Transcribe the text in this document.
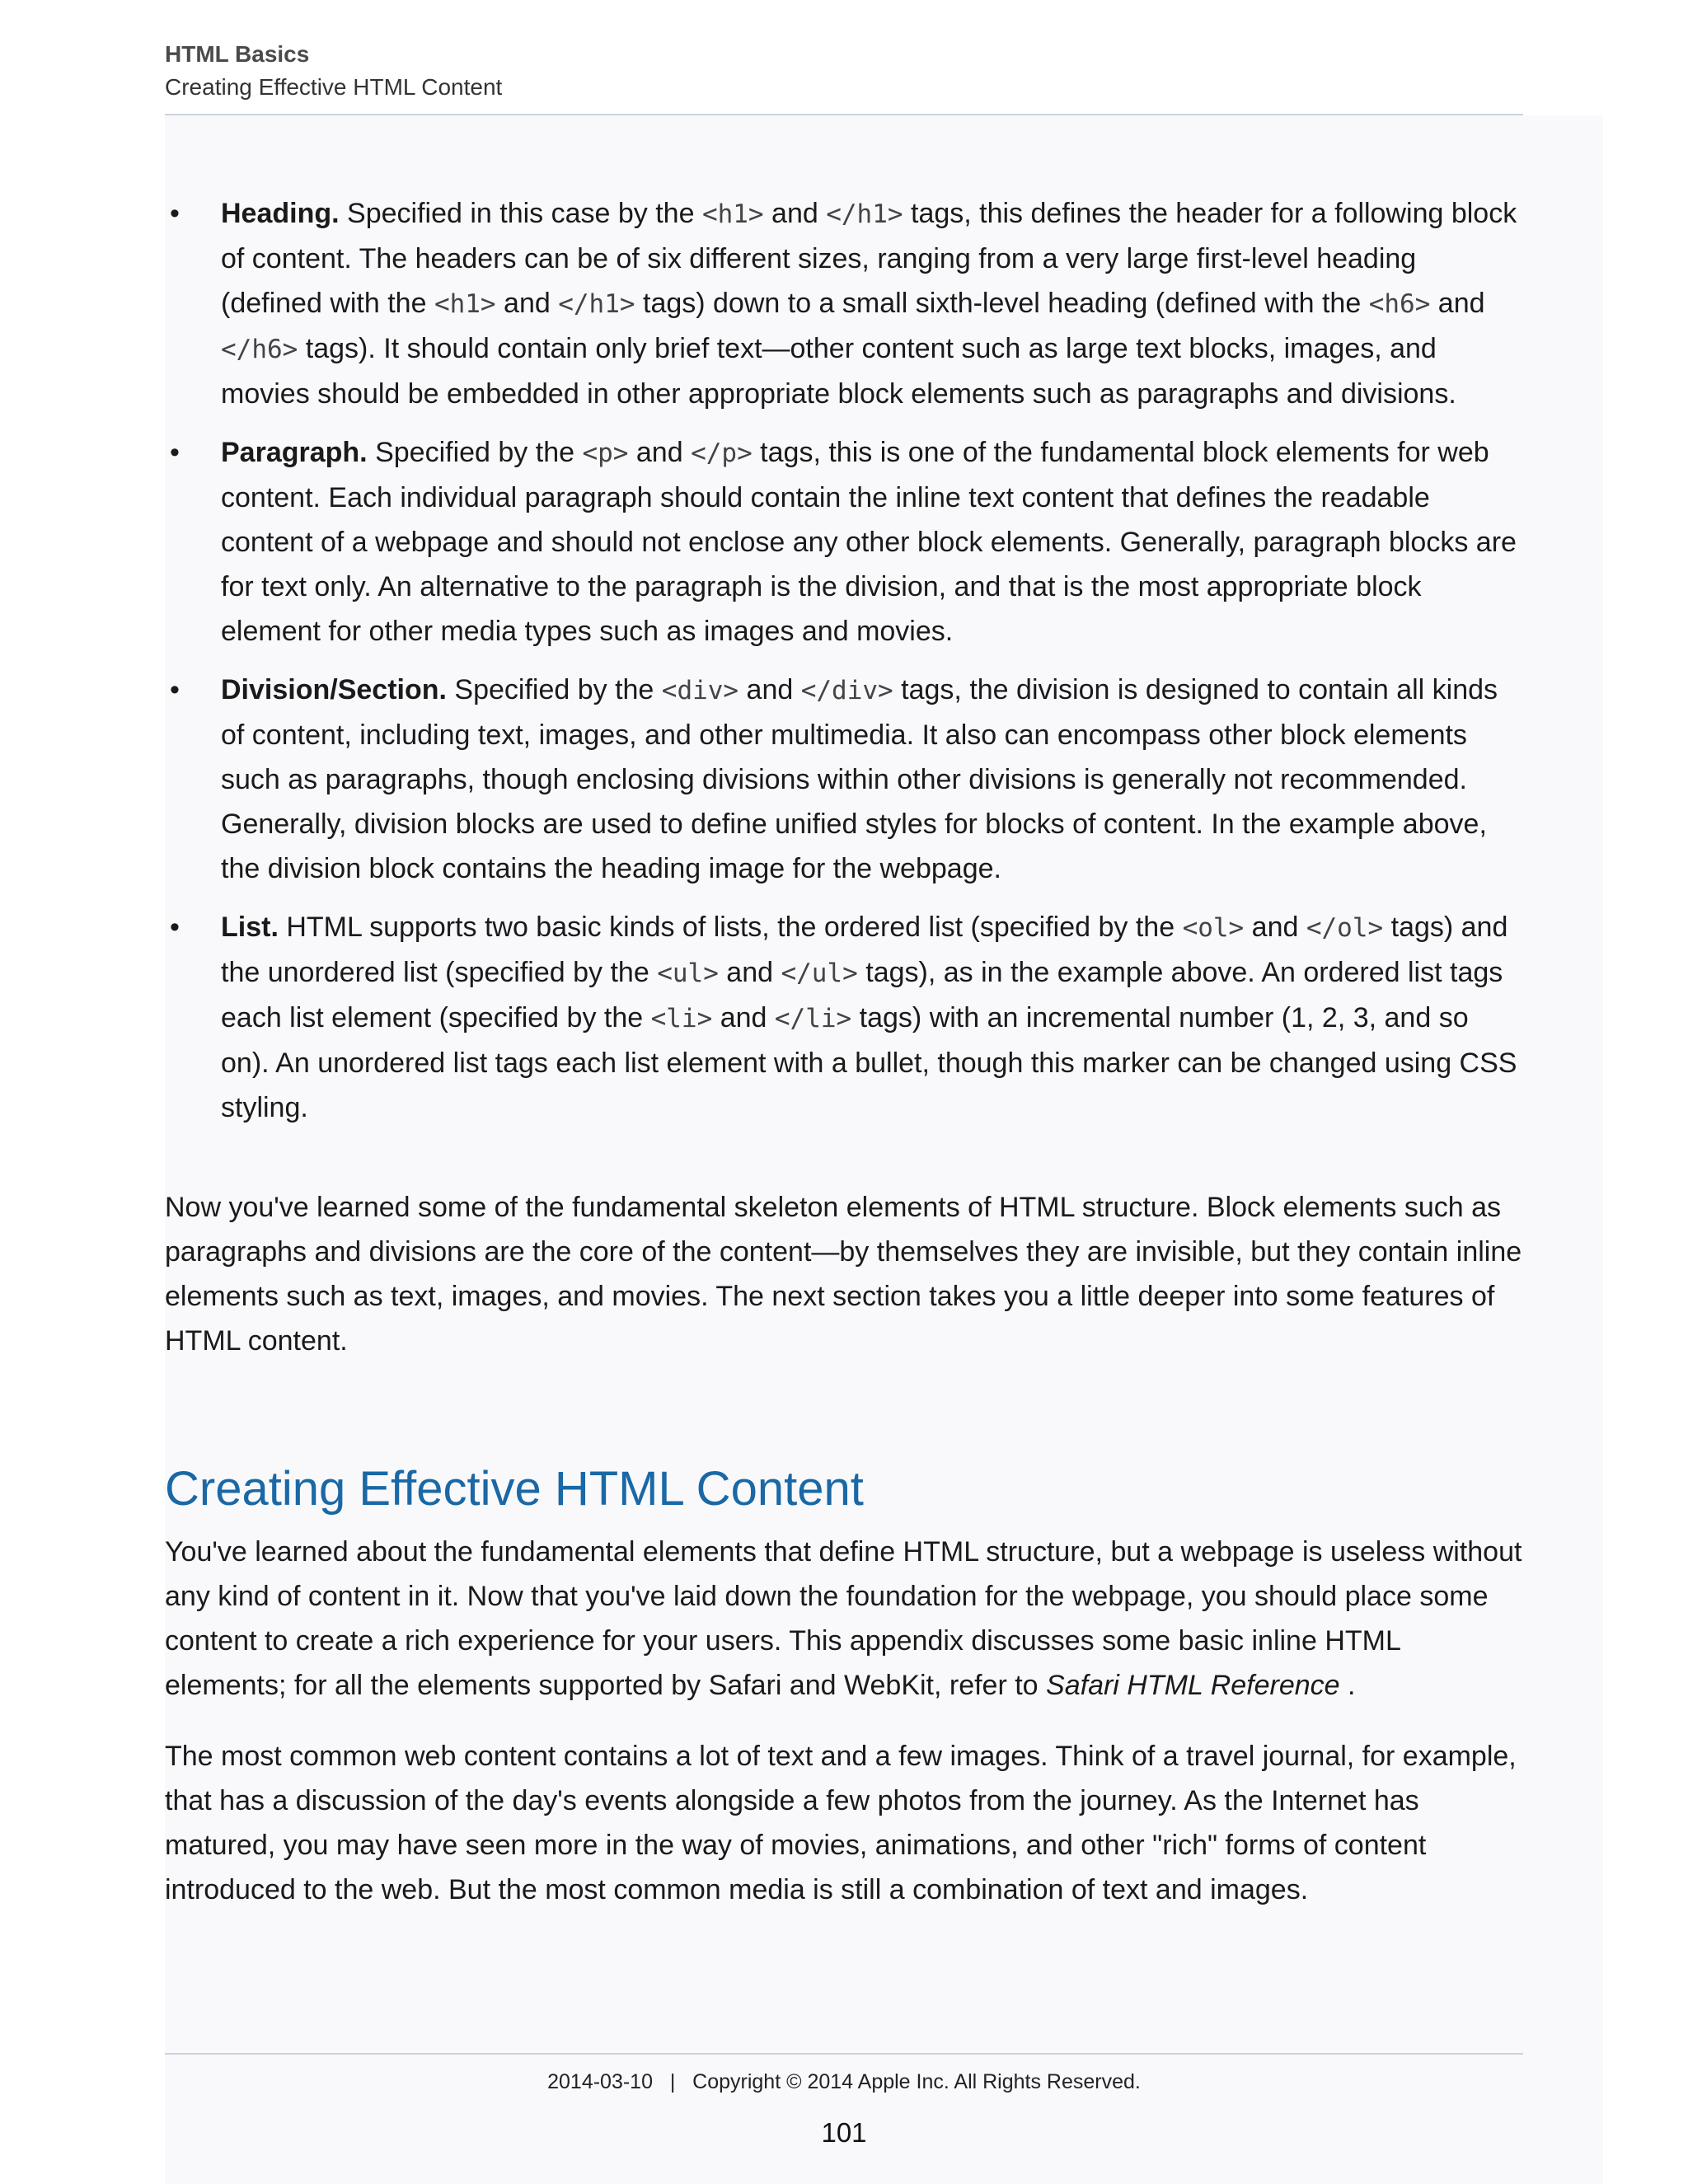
HTML Basics
Creating Effective HTML Content
• Heading. Specified in this case by the <h1> and </h1> tags, this defines the header for a following block of content. The headers can be of six different sizes, ranging from a very large first-level heading (defined with the <h1> and </h1> tags) down to a small sixth-level heading (defined with the <h6> and </h6> tags). It should contain only brief text—other content such as large text blocks, images, and movies should be embedded in other appropriate block elements such as paragraphs and divisions.
• Paragraph. Specified by the <p> and </p> tags, this is one of the fundamental block elements for web content. Each individual paragraph should contain the inline text content that defines the readable content of a webpage and should not enclose any other block elements. Generally, paragraph blocks are for text only. An alternative to the paragraph is the division, and that is the most appropriate block element for other media types such as images and movies.
• Division/Section. Specified by the <div> and </div> tags, the division is designed to contain all kinds of content, including text, images, and other multimedia. It also can encompass other block elements such as paragraphs, though enclosing divisions within other divisions is generally not recommended. Generally, division blocks are used to define unified styles for blocks of content. In the example above, the division block contains the heading image for the webpage.
• List. HTML supports two basic kinds of lists, the ordered list (specified by the <ol> and </ol> tags) and the unordered list (specified by the <ul> and </ul> tags), as in the example above. An ordered list tags each list element (specified by the <li> and </li> tags) with an incremental number (1, 2, 3, and so on). An unordered list tags each list element with a bullet, though this marker can be changed using CSS styling.

Now you've learned some of the fundamental skeleton elements of HTML structure. Block elements such as paragraphs and divisions are the core of the content—by themselves they are invisible, but they contain inline elements such as text, images, and movies. The next section takes you a little deeper into some features of HTML content.

Creating Effective HTML Content

You've learned about the fundamental elements that define HTML structure, but a webpage is useless without any kind of content in it. Now that you've laid down the foundation for the webpage, you should place some content to create a rich experience for your users. This appendix discusses some basic inline HTML elements; for all the elements supported by Safari and WebKit, refer to Safari HTML Reference .

The most common web content contains a lot of text and a few images. Think of a travel journal, for example, that has a discussion of the day's events alongside a few photos from the journey. As the Internet has matured, you may have seen more in the way of movies, animations, and other "rich" forms of content introduced to the web. But the most common media is still a combination of text and images.

2014-03-10   |   Copyright © 2014 Apple Inc. All Rights Reserved.
101
